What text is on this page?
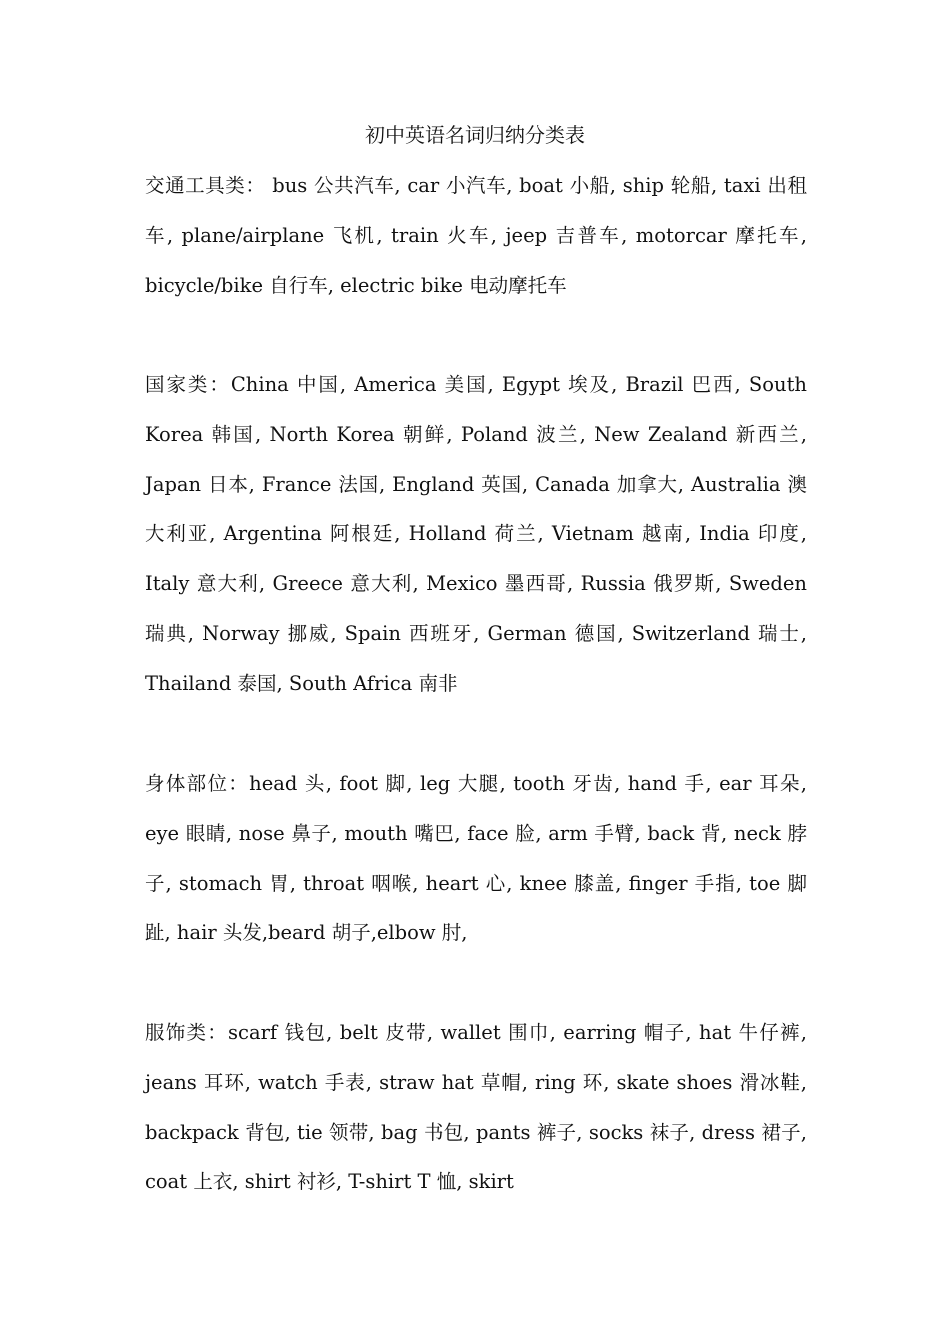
初中英语名词归纳分类表

交通工具类： bus 公共汽车, car 小汽车, boat 小船, ship 轮船, taxi 出租车, plane/airplane 飞机, train 火车, jeep 吉普车, motorcar 摩托车, bicycle/bike 自行车, electric bike 电动摩托车

国家类：China 中国, America 美国, Egypt 埃及, Brazil 巴西, South Korea 韩国, North Korea 朝鲜, Poland 波兰, New Zealand 新西兰, Japan 日本, France 法国, England 英国, Canada 加拿大, Australia 澳大利亚, Argentina 阿根廷, Holland 荷兰, Vietnam 越南, India 印度, Italy 意大利, Greece 意大利, Mexico 墨西哥, Russia 俄罗斯, Sweden 瑞典, Norway 挪威, Spain 西班牙, German 德国, Switzerland 瑞士, Thailand 泰国, South Africa 南非

身体部位：head 头, foot 脚, leg 大腿, tooth 牙齿, hand 手, ear 耳朵, eye 眼睛, nose 鼻子, mouth 嘴巴, face 脸, arm 手臂, back 背, neck 脖子, stomach 胃, throat 咽喉, heart 心, knee 膝盖, finger 手指, toe 脚趾, hair 头发,beard 胡子,elbow 肘,

服饰类：scarf 钱包, belt 皮带, wallet 围巾, earring 帽子, hat 牛仔裤, jeans 耳环, watch 手表, straw hat 草帽, ring 环, skate shoes 滑冰鞋, backpack 背包, tie 领带, bag 书包, pants 裤子, socks 袜子, dress 裙子, coat 上衣, shirt 衬衫, T-shirt T 恤, skirt
